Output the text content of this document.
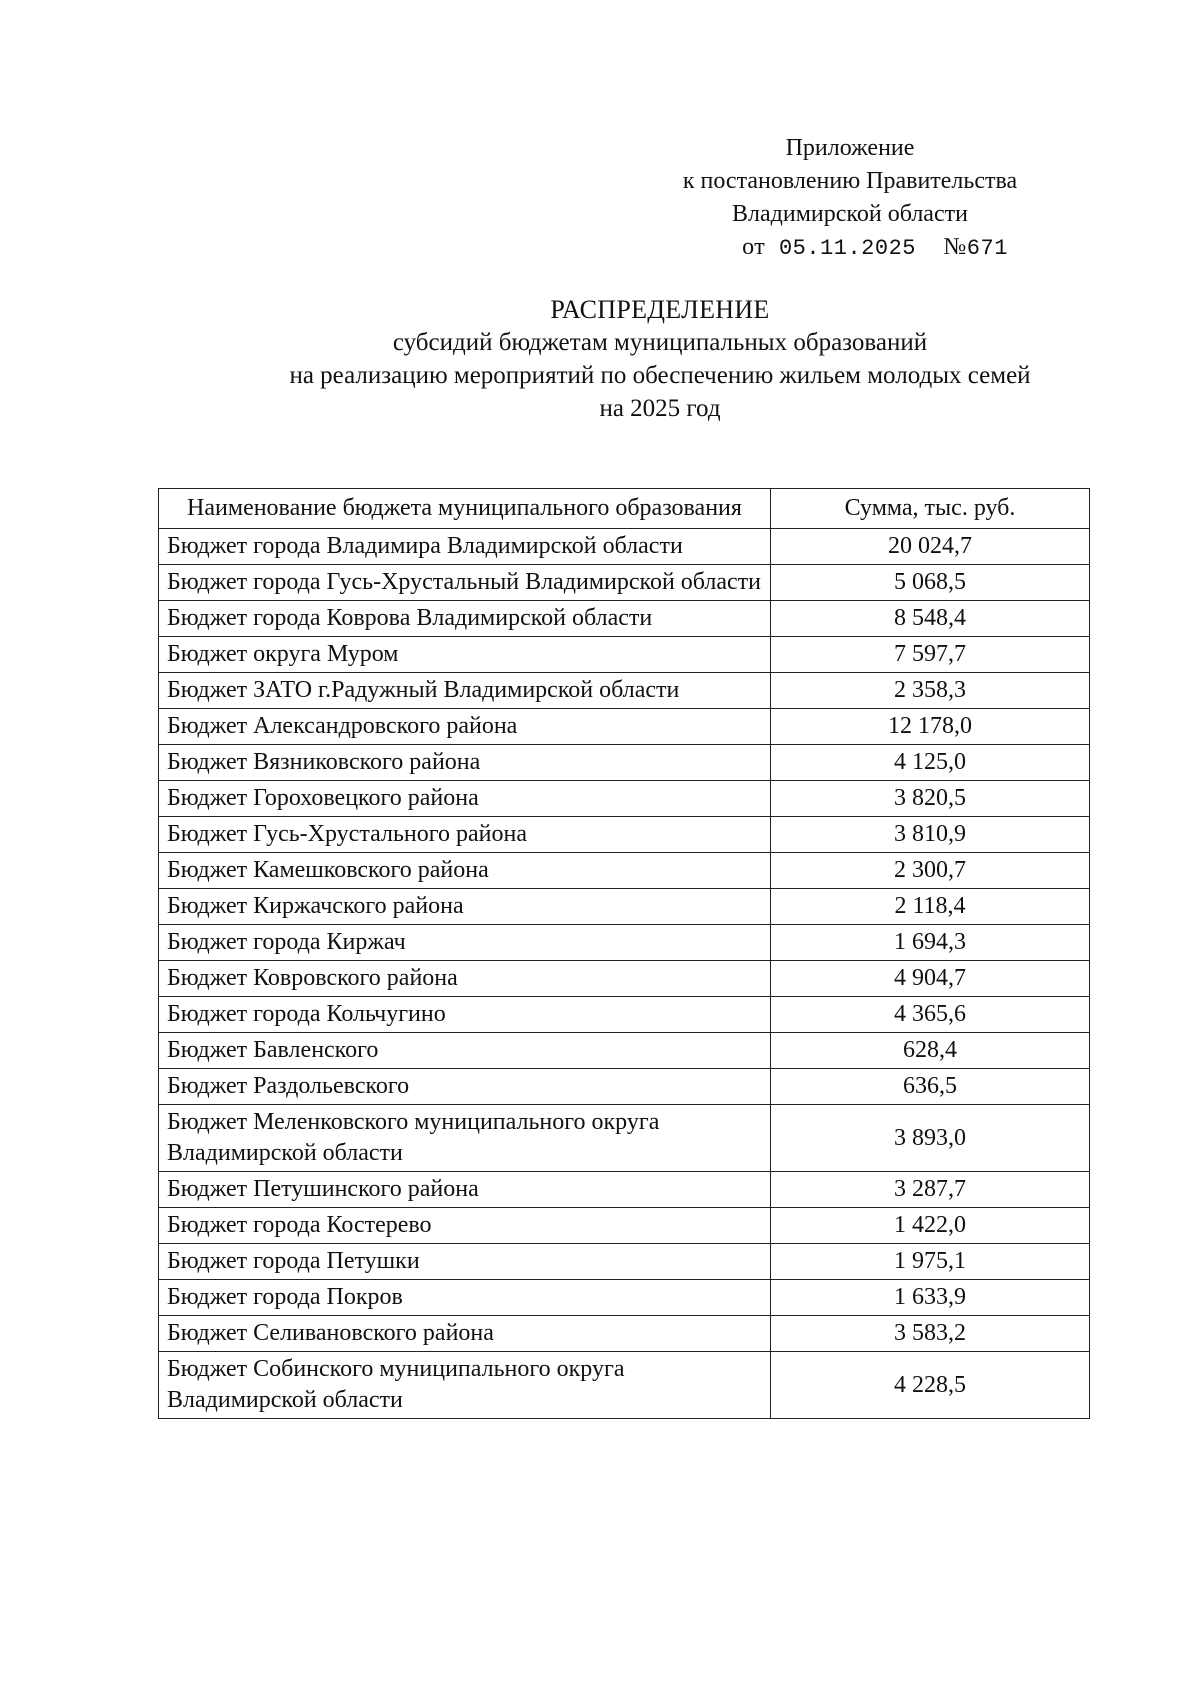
Приложение
к постановлению Правительства
Владимирской области
от 05.11.2025 №671
РАСПРЕДЕЛЕНИЕ
субсидий бюджетам муниципальных образований
на реализацию мероприятий по обеспечению жильем молодых семей
на 2025 год
Наименование бюджета муниципального образования	Сумма, тыс. руб.
Бюджет города Владимира Владимирской области	20 024,7
Бюджет города Гусь-Хрустальный Владимирской области	5 068,5
Бюджет города Коврова Владимирской области	8 548,4
Бюджет округа Муром	7 597,7
Бюджет ЗАТО г.Радужный Владимирской области	2 358,3
Бюджет Александровского района	12 178,0
Бюджет Вязниковского района	4 125,0
Бюджет Гороховецкого района	3 820,5
Бюджет Гусь-Хрустального района	3 810,9
Бюджет Камешковского района	2 300,7
Бюджет Киржачского района	2 118,4
Бюджет города Киржач	1 694,3
Бюджет Ковровского района	4 904,7
Бюджет города Кольчугино	4 365,6
Бюджет Бавленского	628,4
Бюджет Раздольевского	636,5
Бюджет Меленковского муниципального округа Владимирской области	3 893,0
Бюджет Петушинского района	3 287,7
Бюджет города Костерево	1 422,0
Бюджет города Петушки	1 975,1
Бюджет города Покров	1 633,9
Бюджет Селивановского района	3 583,2
Бюджет Собинского муниципального округа Владимирской области	4 228,5
